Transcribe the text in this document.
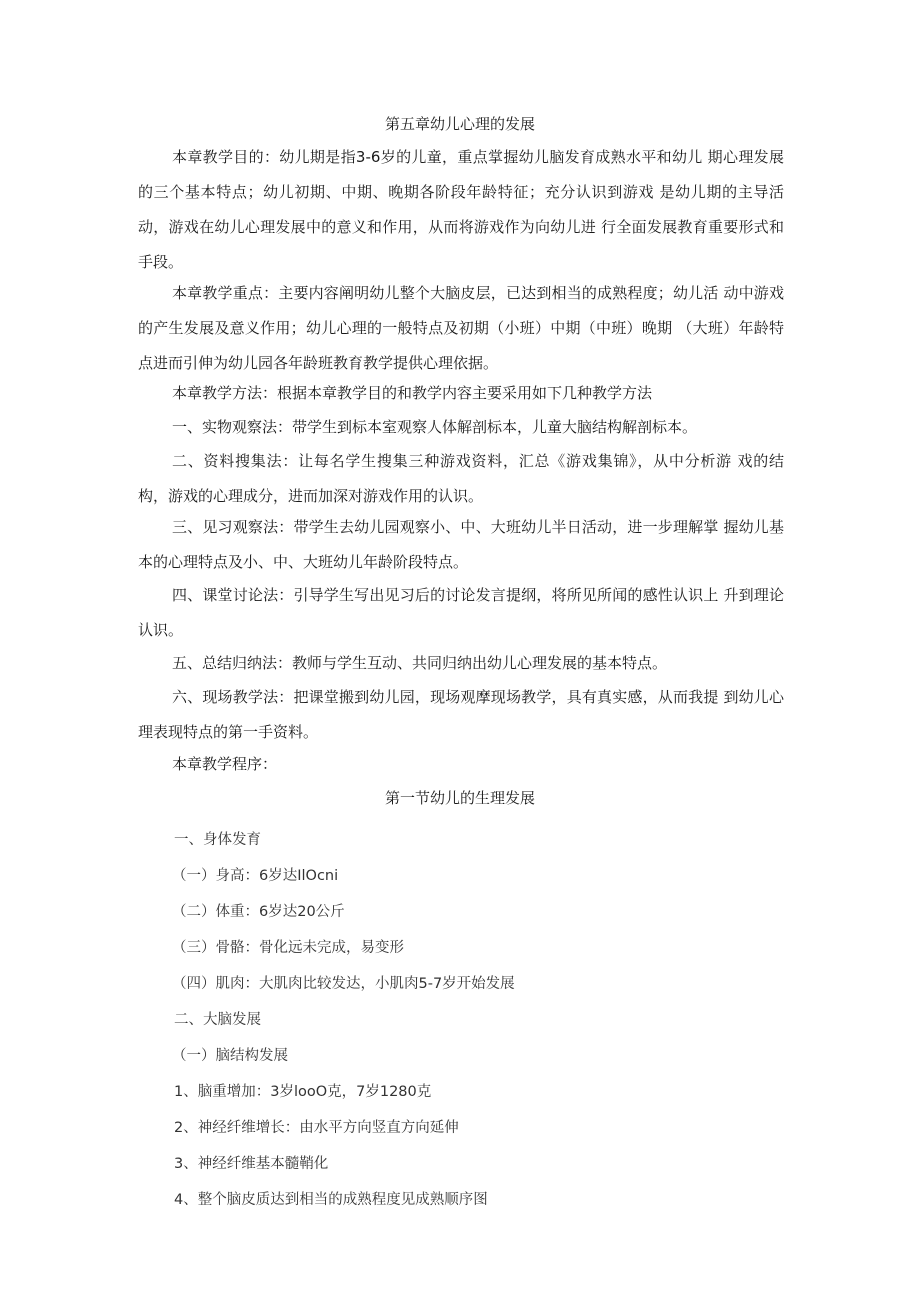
第五章幼儿心理的发展

本章教学目的：幼儿期是指3-6岁的儿童，重点掌握幼儿脑发育成熟水平和幼儿 期心理发展的三个基本特点；幼儿初期、中期、晚期各阶段年龄特征；充分认识到游戏 是幼儿期的主导活动，游戏在幼儿心理发展中的意义和作用，从而将游戏作为向幼儿进 行全面发展教育重要形式和手段。

本章教学重点：主要内容阐明幼儿整个大脑皮层，已达到相当的成熟程度；幼儿活 动中游戏的产生发展及意义作用；幼儿心理的一般特点及初期（小班）中期（中班）晚期 （大班）年龄特点进而引伸为幼儿园各年龄班教育教学提供心理依据。

本章教学方法：根据本章教学目的和教学内容主要采用如下几种教学方法

一、实物观察法：带学生到标本室观察人体解剖标本，儿童大脑结构解剖标本。

二、资料搜集法：让每名学生搜集三种游戏资料，汇总《游戏集锦》，从中分析游 戏的结构，游戏的心理成分，进而加深对游戏作用的认识。

三、见习观察法：带学生去幼儿园观察小、中、大班幼儿半日活动，进一步理解掌 握幼儿基本的心理特点及小、中、大班幼儿年龄阶段特点。

四、课堂讨论法：引导学生写出见习后的讨论发言提纲，将所见所闻的感性认识上 升到理论认识。

五、总结归纳法：教师与学生互动、共同归纳出幼儿心理发展的基本特点。

六、现场教学法：把课堂搬到幼儿园，现场观摩现场教学，具有真实感，从而我提 到幼儿心理表现特点的第一手资料。

本章教学程序：

第一节幼儿的生理发展

一、身体发育

（一）身高：6岁达IlOcni

（二）体重：6岁达20公斤

（三）骨骼：骨化远未完成，易变形

（四）肌肉：大肌肉比较发达，小肌肉5-7岁开始发展

二、大脑发展

（一）脑结构发展

1、脑重增加：3岁looO克，7岁1280克

2、神经纤维增长：由水平方向竖直方向延伸

3、神经纤维基本髓鞘化

4、整个脑皮质达到相当的成熟程度见成熟顺序图
